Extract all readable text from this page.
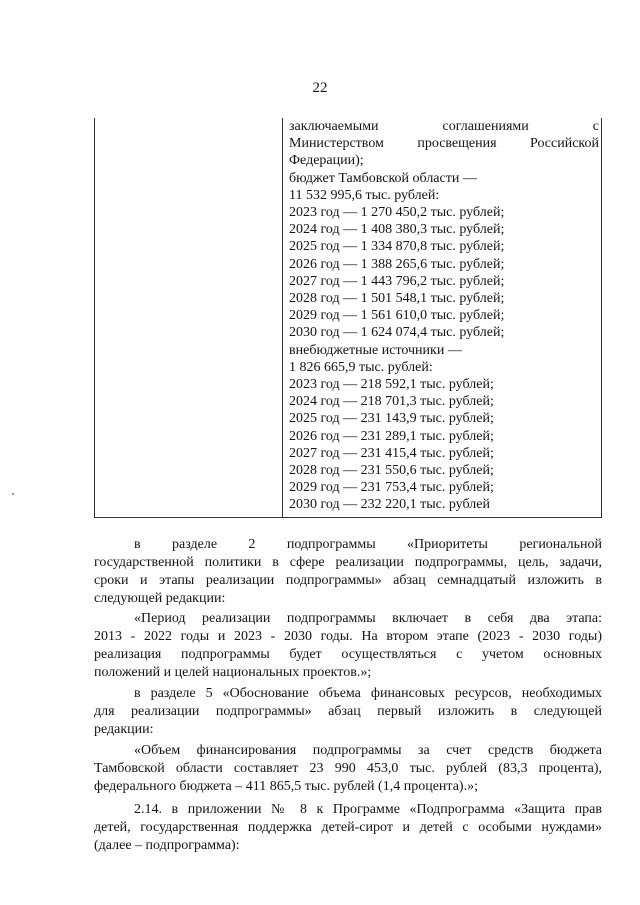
22
заключаемыми соглашениями с
Министерством просвещения Российской
Федерации);
бюджет Тамбовской области —
11 532 995,6 тыс. рублей:
2023 год — 1 270 450,2 тыс. рублей;
2024 год — 1 408 380,3 тыс. рублей;
2025 год — 1 334 870,8 тыс. рублей;
2026 год — 1 388 265,6 тыс. рублей;
2027 год — 1 443 796,2 тыс. рублей;
2028 год — 1 501 548,1 тыс. рублей;
2029 год — 1 561 610,0 тыс. рублей;
2030 год — 1 624 074,4 тыс. рублей;
внебюджетные источники —
1 826 665,9 тыс. рублей:
2023 год — 218 592,1 тыс. рублей;
2024 год — 218 701,3 тыс. рублей;
2025 год — 231 143,9 тыс. рублей;
2026 год — 231 289,1 тыс. рублей;
2027 год — 231 415,4 тыс. рублей;
2028 год — 231 550,6 тыс. рублей;
2029 год — 231 753,4 тыс. рублей;
2030 год — 232 220,1 тыс. рублей
в разделе 2 подпрограммы «Приоритеты региональной
государственной политики в сфере реализации подпрограммы, цель, задачи,
сроки и этапы реализации подпрограммы» абзац семнадцатый изложить в
следующей редакции:
«Период реализации подпрограммы включает в себя два этапа:
2013 - 2022 годы и 2023 - 2030 годы. На втором этапе (2023 - 2030 годы)
реализация подпрограммы будет осуществляться с учетом основных
положений и целей национальных проектов.»;
в разделе 5 «Обоснование объема финансовых ресурсов, необходимых
для реализации подпрограммы» абзац первый изложить в следующей
редакции:
«Объем финансирования подпрограммы за счет средств бюджета
Тамбовской области составляет 23 990 453,0 тыс. рублей (83,3 процента),
федерального бюджета – 411 865,5 тыс. рублей (1,4 процента).»;
2.14. в приложении № 8 к Программе «Подпрограмма «Защита прав
детей, государственная поддержка детей-сирот и детей с особыми нуждами»
(далее – подпрограмма):
